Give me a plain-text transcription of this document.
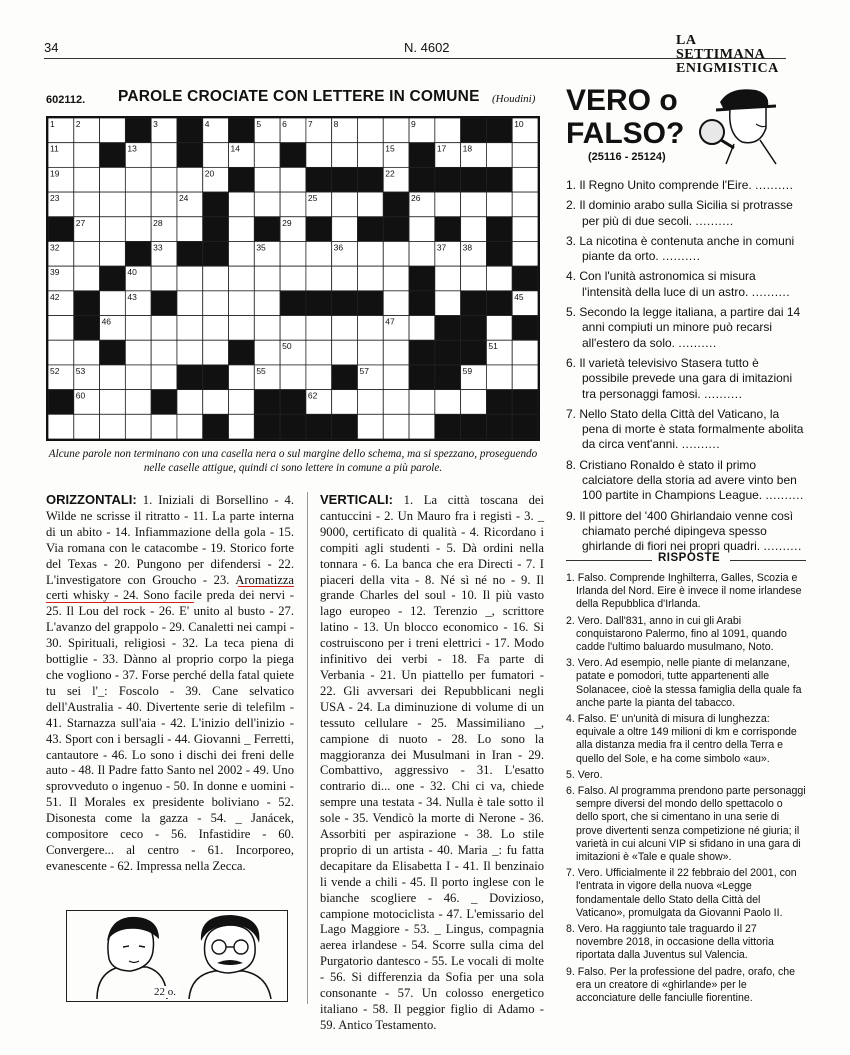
34	N. 4602	LA SETTIMANA
ENIGMISTICA
602112. PAROLE CROCIATE CON LETTERE IN COMUNE (Houdini)
1 2	3	4	5 6 7 8	9	10
11	12 13	14	15 16 17 18
19	20 21	22
23	24	25	26
27	28	29	30 31
32	33	34	35	36	37 38
39	40	41
42	43	44	45
46	47	48
49	50	51
52 53	54	55	56 57	58 59
60	61	62
Alcune parole non terminano con una casella nera o sul margine dello schema, ma si spezzano, proseguendo nelle caselle attigue, quindi ci sono lettere in comune a più parole.
ORIZZONTALI: 1. Iniziali di Borsellino - 4. Wilde ne scrisse il ritratto - 11. La parte interna di un abito - 14. Infiammazione della gola - 15. Via romana con le catacombe - 19. Storico forte del Texas - 20. Pungono per difendersi - 22. L'investigatore con Groucho - 23. Aromatizza certi whisky - 24. Sono facile preda dei nervi - 25. Il Lou del rock - 26. E' unito al busto - 27. L'avanzo del grappolo - 29. Canaletti nei campi - 30. Spirituali, religiosi - 32. La teca piena di bottiglie - 33. Dànno al proprio corpo la piega che vogliono - 37. Forse perché della fatal quiete tu sei l'_: Foscolo - 39. Cane selvatico dell'Australia - 40. Divertente serie di telefilm - 41. Starnazza sull'aia - 42. L'inizio dell'inizio - 43. Sport con i bersagli - 44. Giovanni _ Ferretti, cantautore - 46. Lo sono i dischi dei freni delle auto - 48. Il Padre fatto Santo nel 2002 - 49. Uno sprovveduto o ingenuo - 50. In donne e uomini - 51. Il Morales ex presidente boliviano - 52. Disonesta come la gazza - 54. _ Janácek, compositore ceco - 56. Infastidire - 60. Convergere... al centro - 61. Incorporeo, evanescente - 62. Impressa nella Zecca.
VERTICALI: 1. La città toscana dei cantuccini - 2. Un Mauro fra i registi - 3. _ 9000, certificato di qualità - 4. Ricordano i compiti agli studenti - 5. Dà ordini nella tonnara - 6. La banca che era Directi - 7. I piaceri della vita - 8. Né sì né no - 9. Il grande Charles del soul - 10. Il più vasto lago europeo - 12. Terenzio _, scrittore latino - 13. Un blocco economico - 16. Si costruiscono per i treni elettrici - 17. Modo infinitivo dei verbi - 18. Fa parte di Verbania - 21. Un piattello per fumatori - 22. Gli avversari dei Repubblicani negli USA - 24. La diminuzione di volume di un tessuto cellulare - 25. Massimiliano _, campione di nuoto - 28. Lo sono la maggioranza dei Musulmani in Iran - 29. Combattivo, aggressivo - 31. L'esatto contrario di... one - 32. Chi ci va, chiede sempre una testata - 34. Nulla è tale sotto il sole - 35. Vendicò la morte di Nerone - 36. Assorbiti per aspirazione - 38. Lo stile proprio di un artista - 40. Maria _: fu fatta decapitare da Elisabetta I - 41. Il benzinaio li vende a chili - 45. Il porto inglese con le bianche scogliere - 46. _ Dovizioso, campione motociclista - 47. L'emissario del Lago Maggiore - 53. _ Lingus, compagnia aerea irlandese - 54. Scorre sulla cima del Purgatorio dantesco - 55. Le vocali di molte - 56. Si differenzia da Sofia per una sola consonante - 57. Un colosso energetico italiano - 58. Il peggior figlio di Adamo - 59. Antico Testamento.
22 o.
VERO o
FALSO?
(25116 - 25124)
1. Il Regno Unito comprende l'Eire. ..........
2. Il dominio arabo sulla Sicilia si protrasse per più di due secoli. ..........
3. La nicotina è contenuta anche in comuni piante da orto. ..........
4. Con l'unità astronomica si misura l'intensità della luce di un astro. ..........
5. Secondo la legge italiana, a partire dai 14 anni compiuti un minore può recarsi all'estero da solo. ..........
6. Il varietà televisivo Stasera tutto è possibile prevede una gara di imitazioni tra personaggi famosi. ..........
7. Nello Stato della Città del Vaticano, la pena di morte è stata formalmente abolita da circa vent'anni. ..........
8. Cristiano Ronaldo è stato il primo calciatore della storia ad avere vinto ben 100 partite in Champions League. ..........
9. Il pittore del '400 Ghirlandaio venne così chiamato perché dipingeva spesso ghirlande di fiori nei propri quadri. ..........
RISPOSTE
1. Falso. Comprende Inghilterra, Galles, Scozia e Irlanda del Nord. Eire è invece il nome irlandese della Repubblica d'Irlanda.
2. Vero. Dall'831, anno in cui gli Arabi conquistarono Palermo, fino al 1091, quando cadde l'ultimo baluardo musulmano, Noto.
3. Vero. Ad esempio, nelle piante di melanzane, patate e pomodori, tutte appartenenti alle Solanacee, cioè la stessa famiglia della quale fa anche parte la pianta del tabacco.
4. Falso. E' un'unità di misura di lunghezza: equivale a oltre 149 milioni di km e corrisponde alla distanza media fra il centro della Terra e quello del Sole, e ha come simbolo «au».
5. Vero.
6. Falso. Al programma prendono parte personaggi sempre diversi del mondo dello spettacolo o dello sport, che si cimentano in una serie di prove divertenti senza competizione né giuria; il varietà in cui alcuni VIP si sfidano in una gara di imitazioni è «Tale e quale show».
7. Vero. Ufficialmente il 22 febbraio del 2001, con l'entrata in vigore della nuova «Legge fondamentale dello Stato della Città del Vaticano», promulgata da Giovanni Paolo II.
8. Vero. Ha raggiunto tale traguardo il 27 novembre 2018, in occasione della vittoria riportata dalla Juventus sul Valencia.
9. Falso. Per la professione del padre, orafo, che era un creatore di «ghirlande» per le acconciature delle fanciulle fiorentine.
